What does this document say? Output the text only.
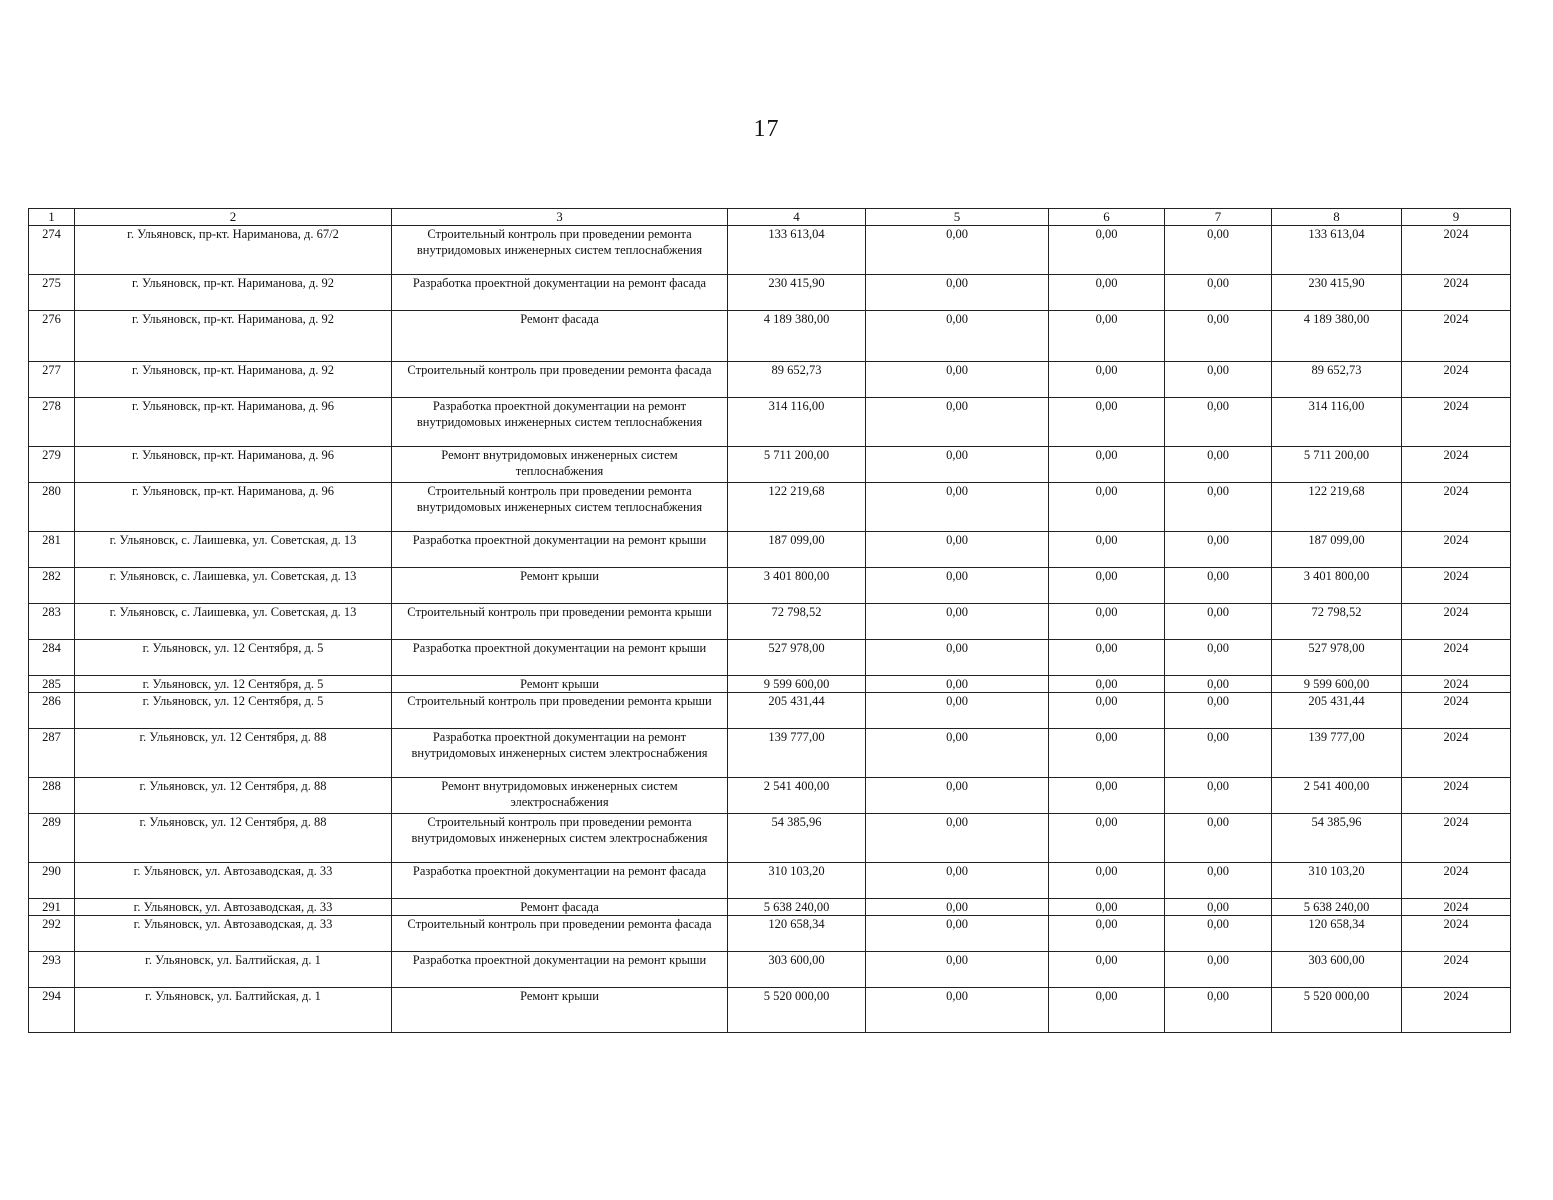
17
1	2	3	4	5	6	7	8	9
274	г. Ульяновск, пр-кт. Нариманова, д. 67/2	Строительный контроль при проведении ремонта внутридомовых инженерных систем теплоснабжения	133 613,04	0,00	0,00	0,00	133 613,04	2024
275	г. Ульяновск, пр-кт. Нариманова, д. 92	Разработка проектной документации на ремонт фасада	230 415,90	0,00	0,00	0,00	230 415,90	2024
276	г. Ульяновск, пр-кт. Нариманова, д. 92	Ремонт фасада	4 189 380,00	0,00	0,00	0,00	4 189 380,00	2024
277	г. Ульяновск, пр-кт. Нариманова, д. 92	Строительный контроль при проведении ремонта фасада	89 652,73	0,00	0,00	0,00	89 652,73	2024
278	г. Ульяновск, пр-кт. Нариманова, д. 96	Разработка проектной документации на ремонт внутридомовых инженерных систем теплоснабжения	314 116,00	0,00	0,00	0,00	314 116,00	2024
279	г. Ульяновск, пр-кт. Нариманова, д. 96	Ремонт внутридомовых инженерных систем теплоснабжения	5 711 200,00	0,00	0,00	0,00	5 711 200,00	2024
280	г. Ульяновск, пр-кт. Нариманова, д. 96	Строительный контроль при проведении ремонта внутридомовых инженерных систем теплоснабжения	122 219,68	0,00	0,00	0,00	122 219,68	2024
281	г. Ульяновск, с. Лаишевка, ул. Советская, д. 13	Разработка проектной документации на ремонт крыши	187 099,00	0,00	0,00	0,00	187 099,00	2024
282	г. Ульяновск, с. Лаишевка, ул. Советская, д. 13	Ремонт крыши	3 401 800,00	0,00	0,00	0,00	3 401 800,00	2024
283	г. Ульяновск, с. Лаишевка, ул. Советская, д. 13	Строительный контроль при проведении ремонта крыши	72 798,52	0,00	0,00	0,00	72 798,52	2024
284	г. Ульяновск, ул. 12 Сентября, д. 5	Разработка проектной документации на ремонт крыши	527 978,00	0,00	0,00	0,00	527 978,00	2024
285	г. Ульяновск, ул. 12 Сентября, д. 5	Ремонт крыши	9 599 600,00	0,00	0,00	0,00	9 599 600,00	2024
286	г. Ульяновск, ул. 12 Сентября, д. 5	Строительный контроль при проведении ремонта крыши	205 431,44	0,00	0,00	0,00	205 431,44	2024
287	г. Ульяновск, ул. 12 Сентября, д. 88	Разработка проектной документации на ремонт внутридомовых инженерных систем электроснабжения	139 777,00	0,00	0,00	0,00	139 777,00	2024
288	г. Ульяновск, ул. 12 Сентября, д. 88	Ремонт внутридомовых инженерных систем электроснабжения	2 541 400,00	0,00	0,00	0,00	2 541 400,00	2024
289	г. Ульяновск, ул. 12 Сентября, д. 88	Строительный контроль при проведении ремонта внутридомовых инженерных систем электроснабжения	54 385,96	0,00	0,00	0,00	54 385,96	2024
290	г. Ульяновск, ул. Автозаводская, д. 33	Разработка проектной документации на ремонт фасада	310 103,20	0,00	0,00	0,00	310 103,20	2024
291	г. Ульяновск, ул. Автозаводская, д. 33	Ремонт фасада	5 638 240,00	0,00	0,00	0,00	5 638 240,00	2024
292	г. Ульяновск, ул. Автозаводская, д. 33	Строительный контроль при проведении ремонта фасада	120 658,34	0,00	0,00	0,00	120 658,34	2024
293	г. Ульяновск, ул. Балтийская, д. 1	Разработка проектной документации на ремонт крыши	303 600,00	0,00	0,00	0,00	303 600,00	2024
294	г. Ульяновск, ул. Балтийская, д. 1	Ремонт крыши	5 520 000,00	0,00	0,00	0,00	5 520 000,00	2024
